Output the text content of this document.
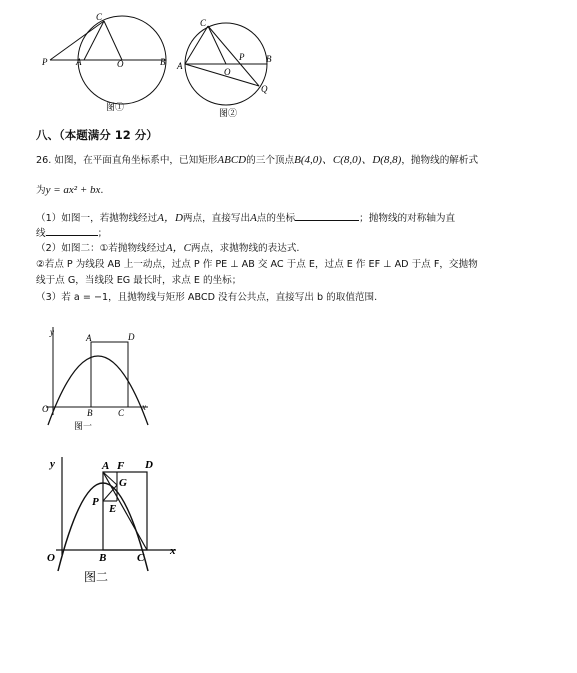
C
P	A	O	B
图①
C
A
P
O
B
Q
图②
八、（本题满分 12 分）
26. 如图，在平面直角坐标系中，已知矩形ABCD的三个顶点B(4,0)、C(8,0)、D(8,8)，抛物线的解析式
为y = ax² + bx.
（1）如图一，若抛物线经过A，D两点，直接写出A点的坐标	；抛物线的对称轴为直
线	；
（2）如图二：①若抛物线经过A，C两点，求抛物线的表达式.
②若点 P 为线段 AB 上一动点，过点 P 作 PE ⊥ AB 交 AC 于点 E，过点 E 作 EF ⊥ AD 于点 F，交抛物
线于点 G，当线段 EG 最长时，求点 E 的坐标；
（3）若 a = −1，且抛物线与矩形 ABCD 没有公共点，直接写出 b 的取值范围.
y
x
O
A	D
B	C
图一
y
x
O
A F D
G
P
E
B	C
图二
